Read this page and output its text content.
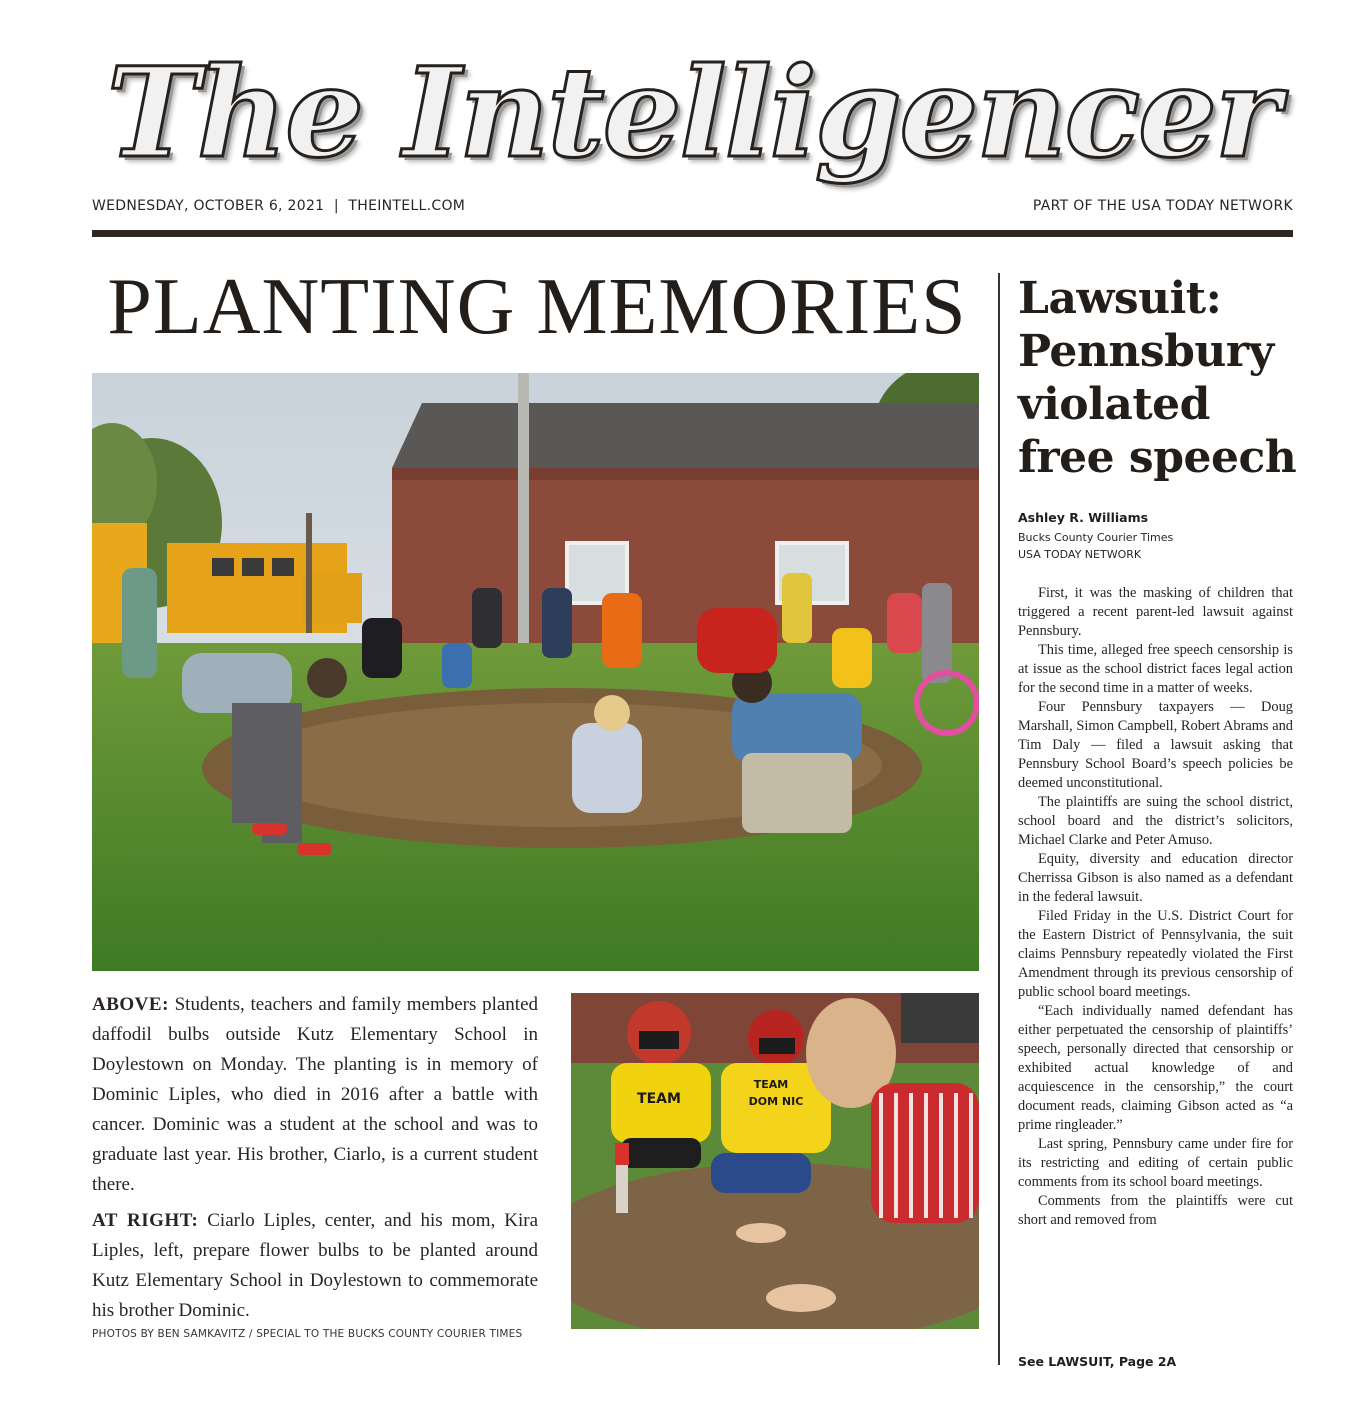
The Intelligencer
WEDNESDAY, OCTOBER 6, 2021  |  THEINTELL.COM	PART OF THE USA TODAY NETWORK
PLANTING MEMORIES

ABOVE: Students, teachers and family members planted daffodil bulbs outside Kutz Elementary School in Doylestown on Monday. The planting is in memory of Dominic Liples, who died in 2016 after a battle with cancer. Dominic was a student at the school and was to graduate last year. His brother, Ciarlo, is a current student there.

AT RIGHT: Ciarlo Liples, center, and his mom, Kira Liples, left, prepare flower bulbs to be planted around Kutz Elementary School in Doylestown to commemorate his brother Dominic.

TEAM
TEAM
DOM NIC
PHOTOS BY BEN SAMKAVITZ / SPECIAL TO THE BUCKS COUNTY COURIER TIMES
Lawsuit:
Pennsbury
violated
free speech
Ashley R. Williams
Bucks County Courier Times
USA TODAY NETWORK

First, it was the masking of children that triggered a recent parent-led lawsuit against Pennsbury.

This time, alleged free speech censorship is at issue as the school district faces legal action for the second time in a matter of weeks.

Four Pennsbury taxpayers — Doug Marshall, Simon Campbell, Robert Abrams and Tim Daly — filed a lawsuit asking that Pennsbury School Board’s speech policies be deemed unconstitutional.

The plaintiffs are suing the school district, school board and the district’s solicitors, Michael Clarke and Peter Amuso.

Equity, diversity and education director Cherrissa Gibson is also named as a defendant in the federal lawsuit.

Filed Friday in the U.S. District Court for the Eastern District of Pennsylvania, the suit claims Pennsbury repeatedly violated the First Amendment through its previous censorship of public school board meetings.

“Each individually named defendant has either perpetuated the censorship of plaintiffs’ speech, personally directed that censorship or exhibited actual knowledge of and acquiescence in the censorship,” the court document reads, claiming Gibson acted as “a prime ringleader.”

Last spring, Pennsbury came under fire for its restricting and editing of certain public comments from its school board meetings.

Comments from the plaintiffs were cut short and removed from

See LAWSUIT, Page 2A
